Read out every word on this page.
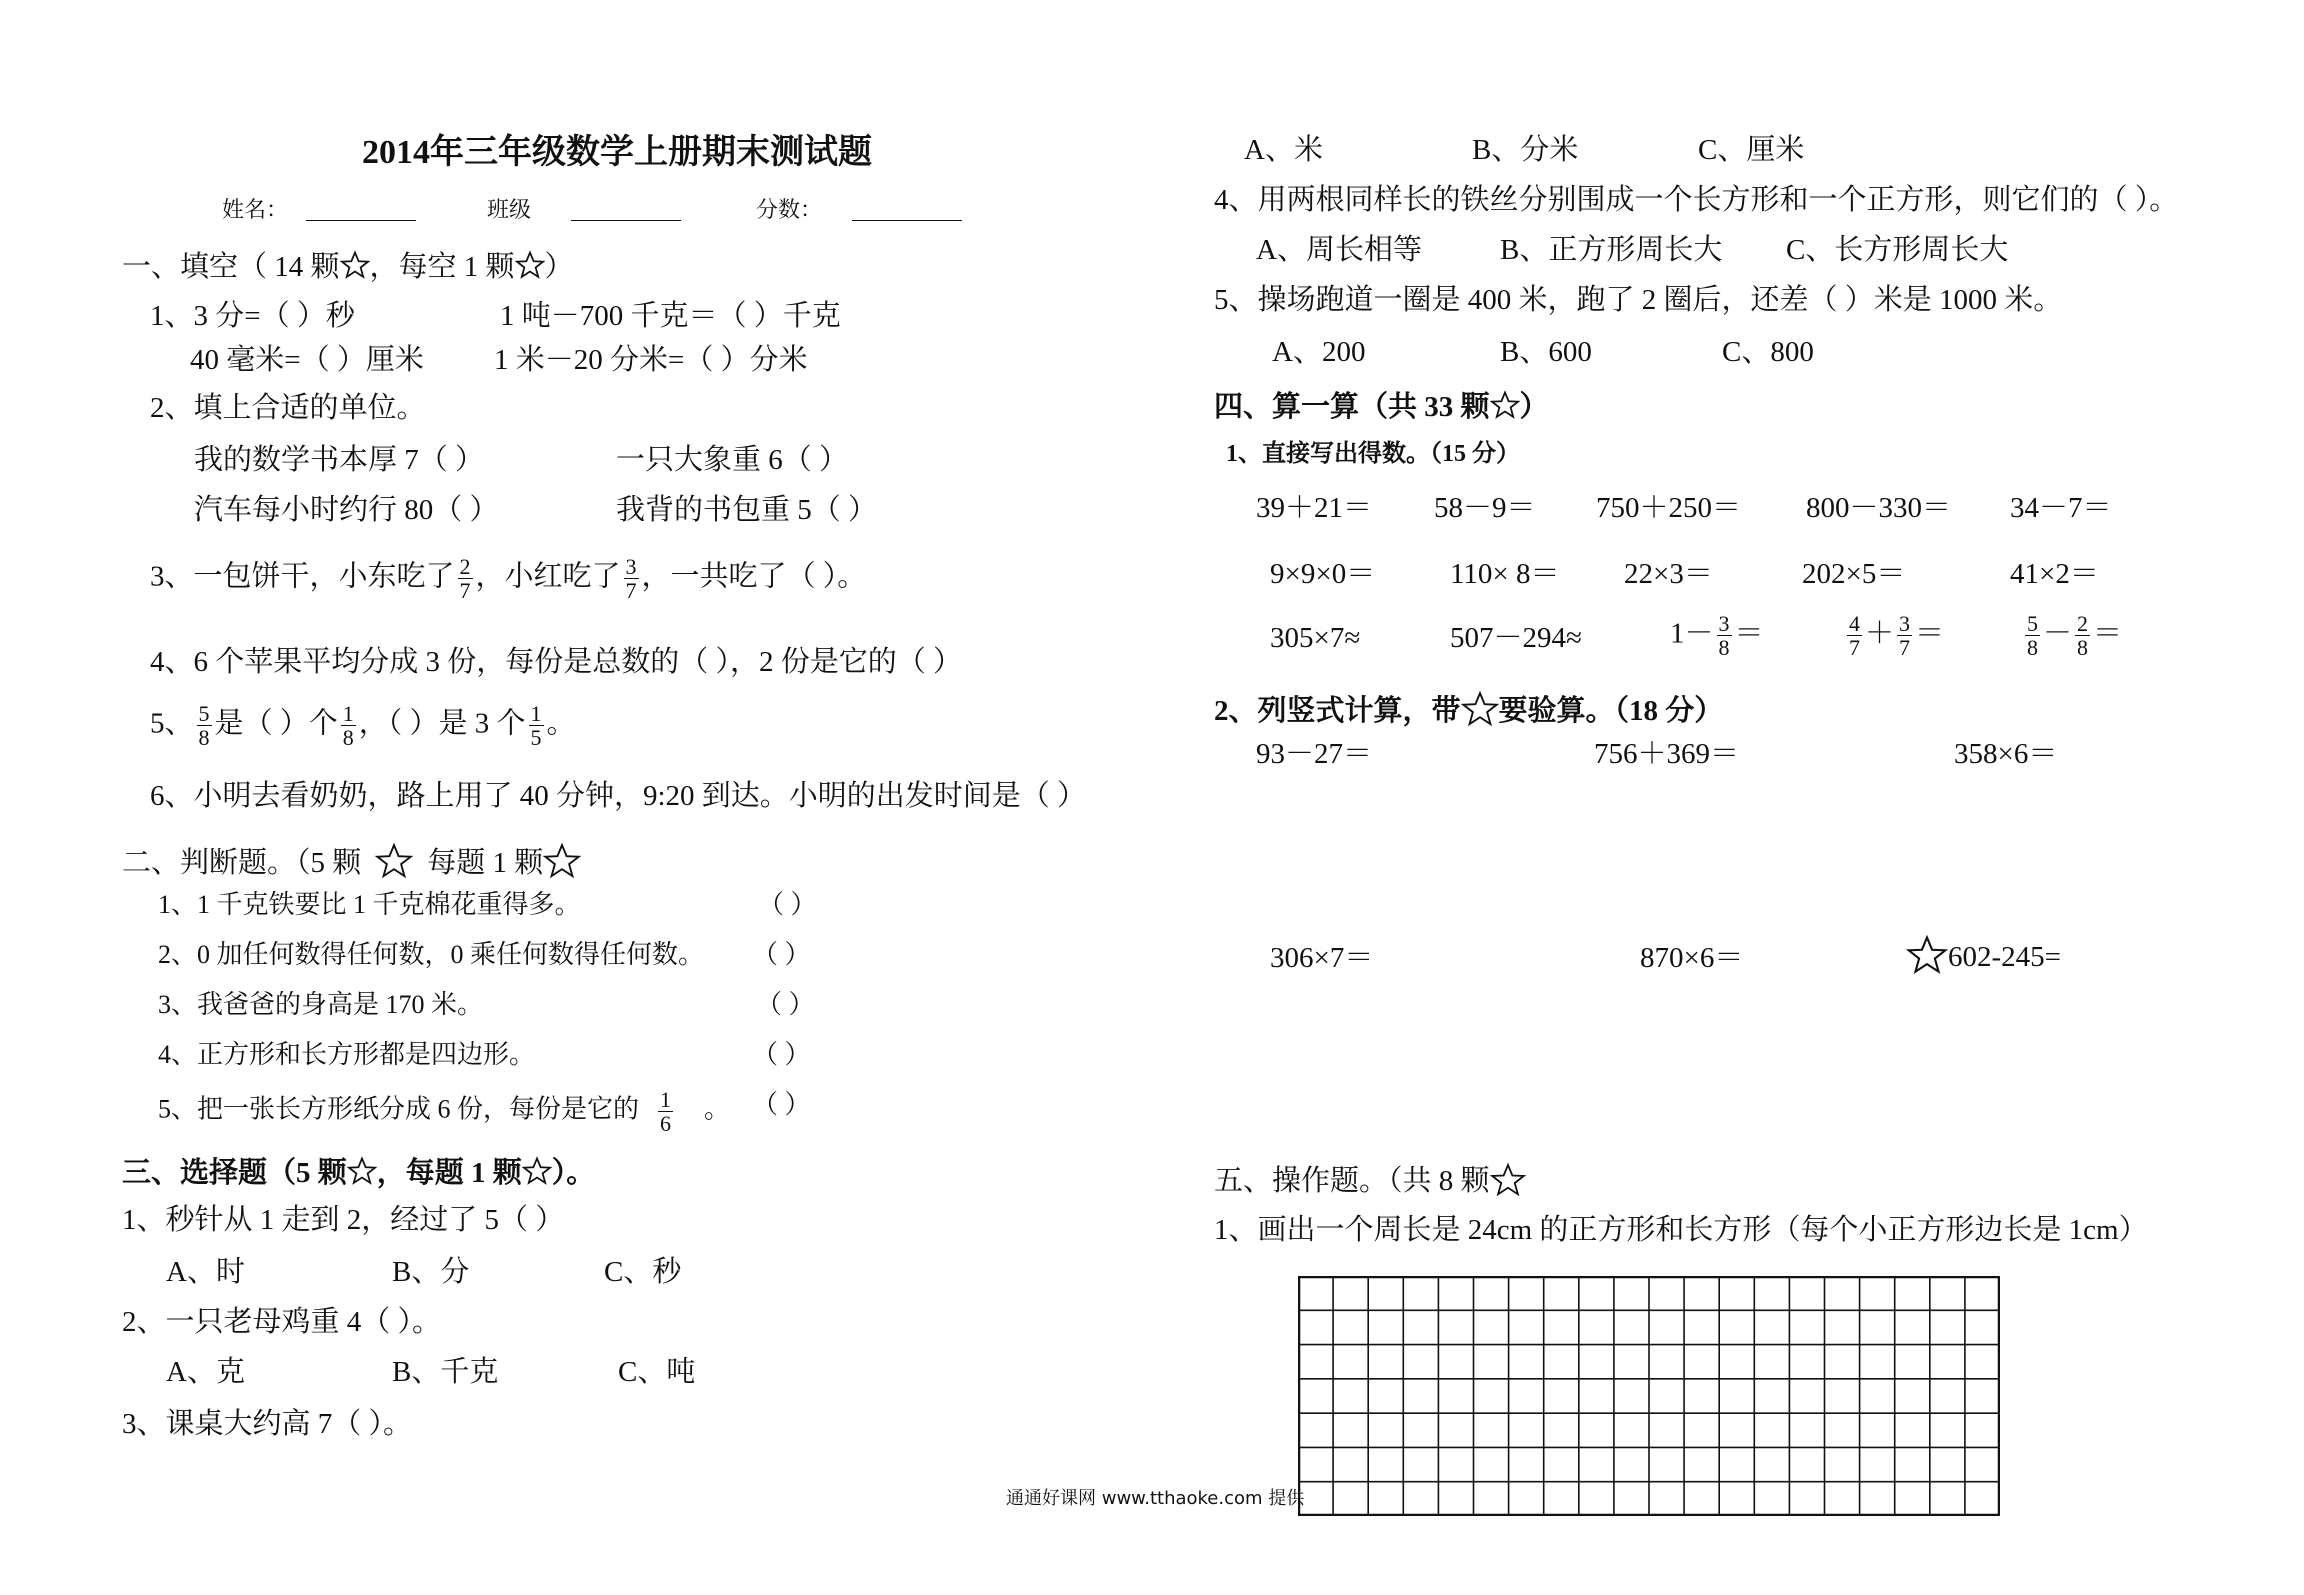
2014年三年级数学上册期末测试题
姓名：	班级	分数：
一、填空（ 14 颗 ，每空 1 颗 ）
1、3 分=（ ）秒	1 吨－700 千克＝（ ）千克
40 毫米=（ ）厘米 1 米－20 分米=（ ）分米
2、填上合适的单位。
我的数学书本厚 7（ ）	一只大象重 6（ ）
汽车每小时约行 80（ ）	我背的书包重 5（ ）
3、一包饼干，小东吃了 $\frac{2}{7}$ ，小红吃了 $\frac{3}{7}$ ，一共吃了（ ）。
4、6 个苹果平均分成 3 份，每份是总数的（ ），2 份是它的（ ）
5、 $\frac{5}{8}$ 是（ ）个 $\frac{1}{8}$ ，（ ）是 3 个 $\frac{1}{5}$ 。
6、小明去看奶奶，路上用了 40 分钟，9:20 到达。小明的出发时间是（ ）
二、判断题。（5 颗 每题 1 颗
1、1 千克铁要比 1 千克棉花重得多。	（ ）
2、0 加任何数得任何数，0 乘任何数得任何数。 （ ）
3、我爸爸的身高是 170 米。	（ ）
4、正方形和长方形都是四边形。	（ ）
5、把一张长方形纸分成 6 份，每份是它的 $\frac{1}{6}$ 。 （ ）
三、选择题（5 颗 ，每题 1 颗 ）。
1、秒针从 1 走到 2，经过了 5（ ）
A、时	B、分	C、秒
2、一只老母鸡重 4（ ）。
A、克	B、千克	C、吨
3、课桌大约高 7（ ）。
通通好课网 www.tthaoke.com 提供
A、米	B、分米	C、厘米
4、用两根同样长的铁丝分别围成一个长方形和一个正方形，则它们的（ ）。
A、周长相等	B、正方形周长大 C、长方形周长大
5、操场跑道一圈是 400 米，跑了 2 圈后，还差（ ）米是 1000 米。
A、200	B、600	C、800
四、算一算（共 33 颗 ）
1、直接写出得数。（15 分）
39＋21＝ 58－9＝ 750＋250＝ 800－330＝ 34－7＝
9×9×0＝	110× 8＝ 22×3＝	202×5＝	41×2＝
305×7≈	507－294≈	$1- \frac{3}{8}$ ＝	$\frac{4}{7} + \frac{3}{7}$ ＝	$\frac{5}{8} - \frac{2}{8}$ ＝
2、列竖式计算，带 要验算。（18 分）
93－27＝	756＋369＝	358×6＝
306×7＝	870×6＝	602-245=
五、操作题。（共 8 颗
1、画出一个周长是 24cm 的正方形和长方形（每个小正方形边长是 1cm）
